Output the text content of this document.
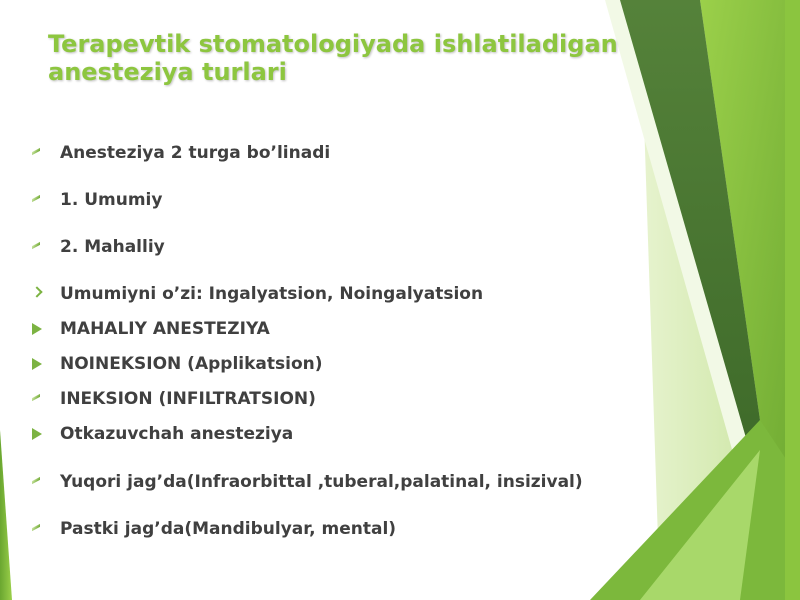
Terapevtik stomatologiyada ishlatiladigan
anesteziya turlari
Anesteziya 2 turga bo’linadi
1. Umumiy
2. Mahalliy
Umumiyni o’zi: Ingalyatsion, Noingalyatsion
MAHALIY ANESTEZIYA
NOINEKSION (Applikatsion)
INEKSION (INFILTRATSION)
Otkazuvchah anesteziya
Yuqori jag’da(Infraorbittal ,tuberal,palatinal, insizival)
Pastki jag’da(Mandibulyar, mental)
